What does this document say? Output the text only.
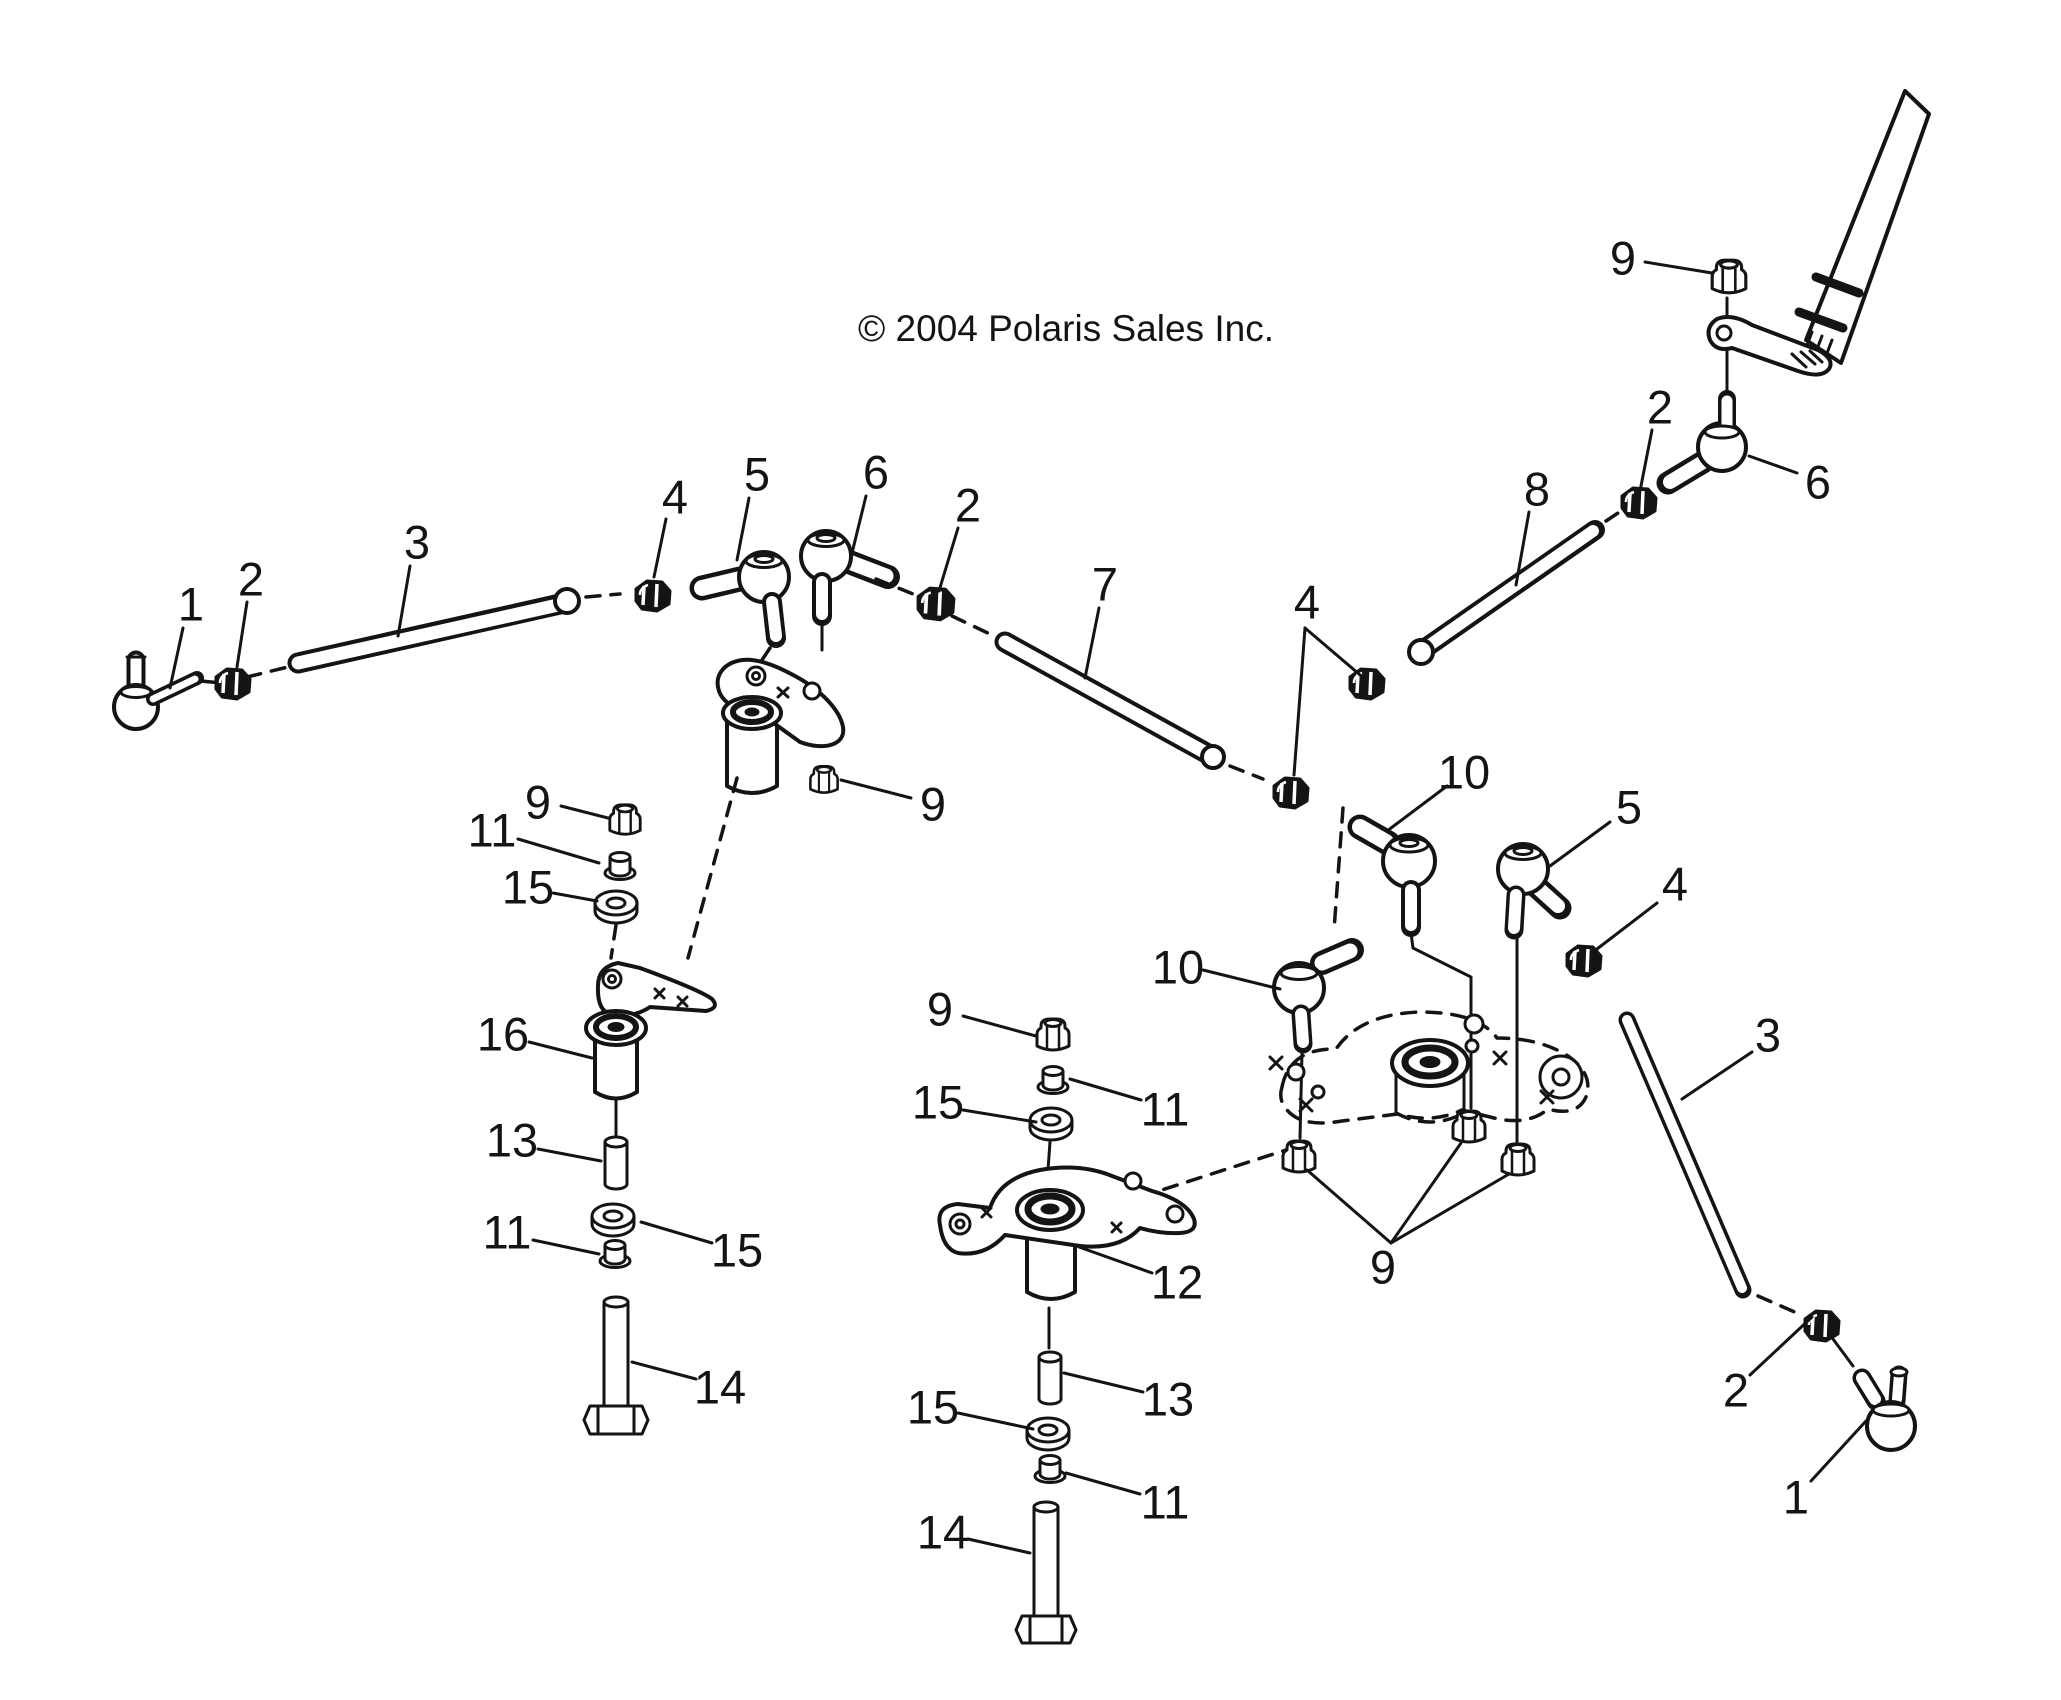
© 2004 Polaris Sales Inc.
1 2
3
4 5 6
2
7	4
8
9
2
6
10
5
4
3
10
9
9
11
15
16
13
11	15
14
9
11
15
12
13
15
11
14
9
2
1
